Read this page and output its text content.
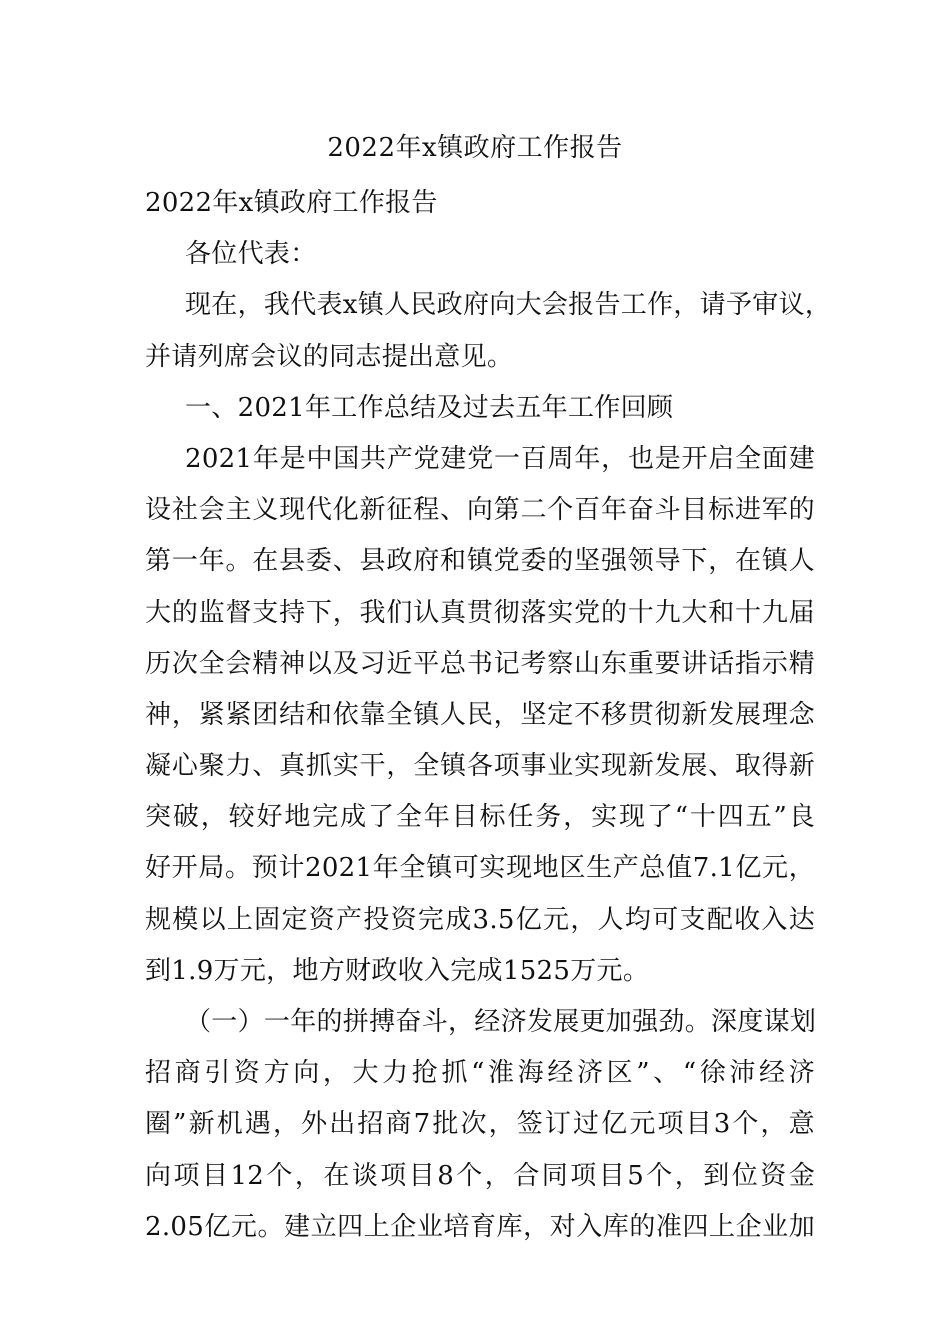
2022年x镇政府工作报告
2022年x镇政府工作报告
各位代表：
现在，我代表x镇人民政府向大会报告工作，请予审议，
并请列席会议的同志提出意见。
一、2021年工作总结及过去五年工作回顾
2021年是中国共产党建党一百周年，也是开启全面建
设社会主义现代化新征程、向第二个百年奋斗目标进军的
第一年。在县委、县政府和镇党委的坚强领导下，在镇人
大的监督支持下，我们认真贯彻落实党的十九大和十九届
历次全会精神以及习近平总书记考察山东重要讲话指示精
神，紧紧团结和依靠全镇人民，坚定不移贯彻新发展理念
凝心聚力、真抓实干，全镇各项事业实现新发展、取得新
突破，较好地完成了全年目标任务，实现了“十四五”良
好开局。预计2021年全镇可实现地区生产总值7.1亿元，
规模以上固定资产投资完成3.5亿元，人均可支配收入达
到1.9万元，地方财政收入完成1525万元。
（一）一年的拼搏奋斗，经济发展更加强劲。深度谋划
招商引资方向，大力抢抓“淮海经济区”、“徐沛经济
圈”新机遇，外出招商7批次，签订过亿元项目3个，意
向项目12个，在谈项目8个，合同项目5个，到位资金
2.05亿元。建立四上企业培育库，对入库的准四上企业加
